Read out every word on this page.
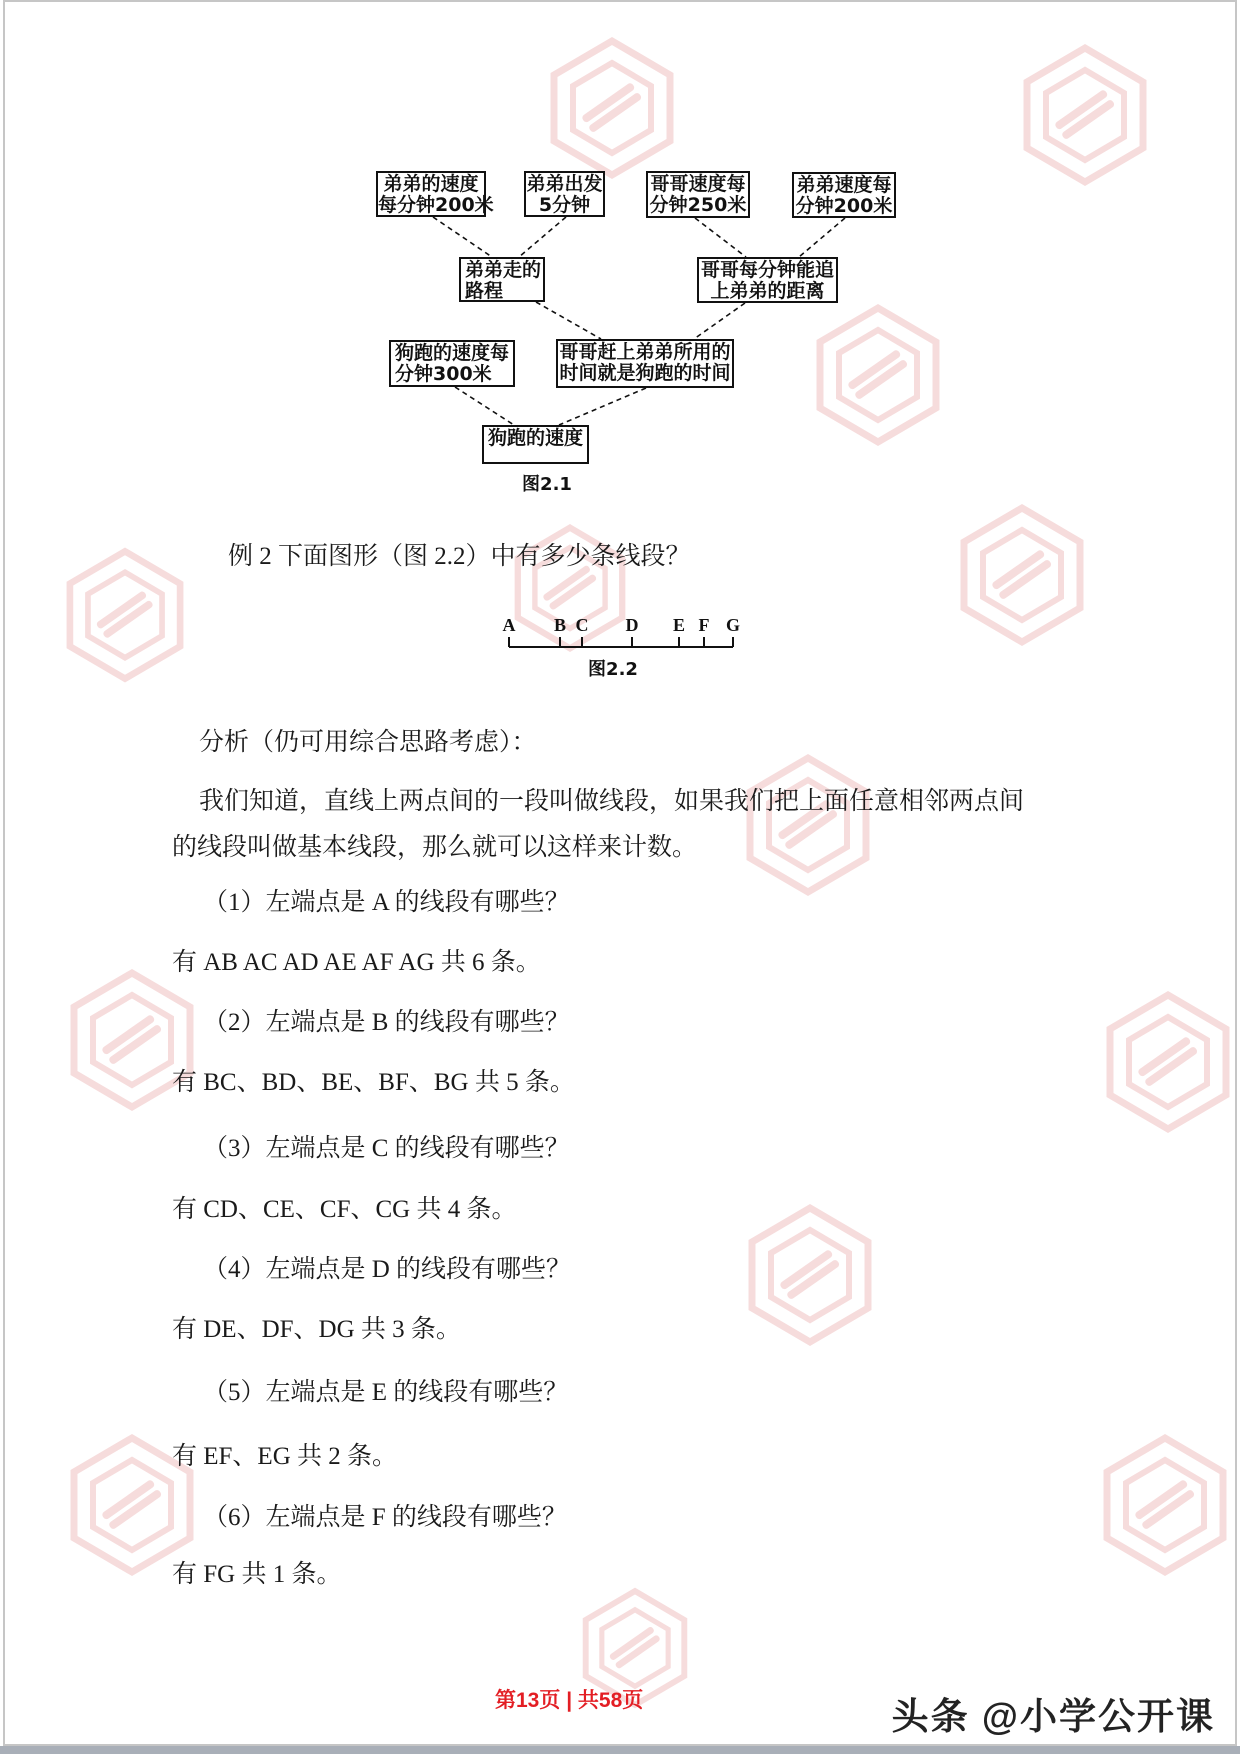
A B C D E F G
弟弟的速度
每分钟200米
弟弟出发
5分钟
哥哥速度每
分钟250米
弟弟速度每
分钟200米
弟弟走的
路程
哥哥每分钟能追
上弟弟的距离
狗跑的速度每
分钟300米
哥哥赶上弟弟所用的
时间就是狗跑的时间
狗跑的速度
图2.1
图2.2
例 2 下面图形（图 2.2）中有多少条线段？
分析（仍可用综合思路考虑）：
我们知道，直线上两点间的一段叫做线段，如果我们把上面任意相邻两点间
的线段叫做基本线段，那么就可以这样来计数。
（1）左端点是 A 的线段有哪些？
有 AB AC AD AE AF AG 共 6 条。
（2）左端点是 B 的线段有哪些？
有 BC、BD、BE、BF、BG 共 5 条。
（3）左端点是 C 的线段有哪些？
有 CD、CE、CF、CG 共 4 条。
（4）左端点是 D 的线段有哪些？
有 DE、DF、DG 共 3 条。
（5）左端点是 E 的线段有哪些？
有 EF、EG 共 2 条。
（6）左端点是 F 的线段有哪些？
有 FG 共 1 条。
第13页 | 共58页	头条 @小学公开课
